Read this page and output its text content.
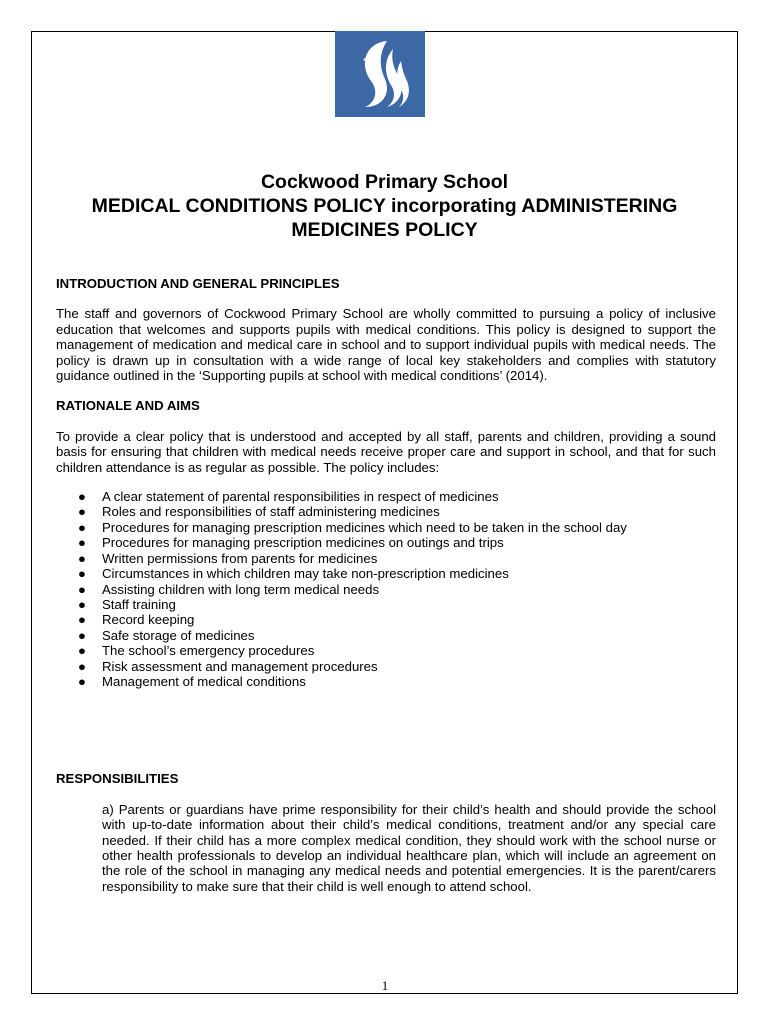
Cockwood Primary School
MEDICAL CONDITIONS POLICY incorporating ADMINISTERING
MEDICINES POLICY

INTRODUCTION AND GENERAL PRINCIPLES

The staff and governors of Cockwood Primary School are wholly committed to pursuing a policy of inclusive education that welcomes and supports pupils with medical conditions. This policy is designed to support the management of medication and medical care in school and to support individual pupils with medical needs. The policy is drawn up in consultation with a wide range of local key stakeholders and complies with statutory guidance outlined in the ‘Supporting pupils at school with medical conditions’ (2014).

RATIONALE AND AIMS

To provide a clear policy that is understood and accepted by all staff, parents and children, providing a sound basis for ensuring that children with medical needs receive proper care and support in school, and that for such children attendance is as regular as possible. The policy includes:

● A clear statement of parental responsibilities in respect of medicines
● Roles and responsibilities of staff administering medicines
● Procedures for managing prescription medicines which need to be taken in the school day
● Procedures for managing prescription medicines on outings and trips
● Written permissions from parents for medicines
● Circumstances in which children may take non-prescription medicines
● Assisting children with long term medical needs
● Staff training
● Record keeping
● Safe storage of medicines
● The school’s emergency procedures
● Risk assessment and management procedures
● Management of medical conditions

RESPONSIBILITIES

a) Parents or guardians have prime responsibility for their child’s health and should provide the school with up-to-date information about their child’s medical conditions, treatment and/or any special care needed. If their child has a more complex medical condition, they should work with the school nurse or other health professionals to develop an individual healthcare plan, which will include an agreement on the role of the school in managing any medical needs and potential emergencies. It is the parent/carers responsibility to make sure that their child is well enough to attend school.

1
